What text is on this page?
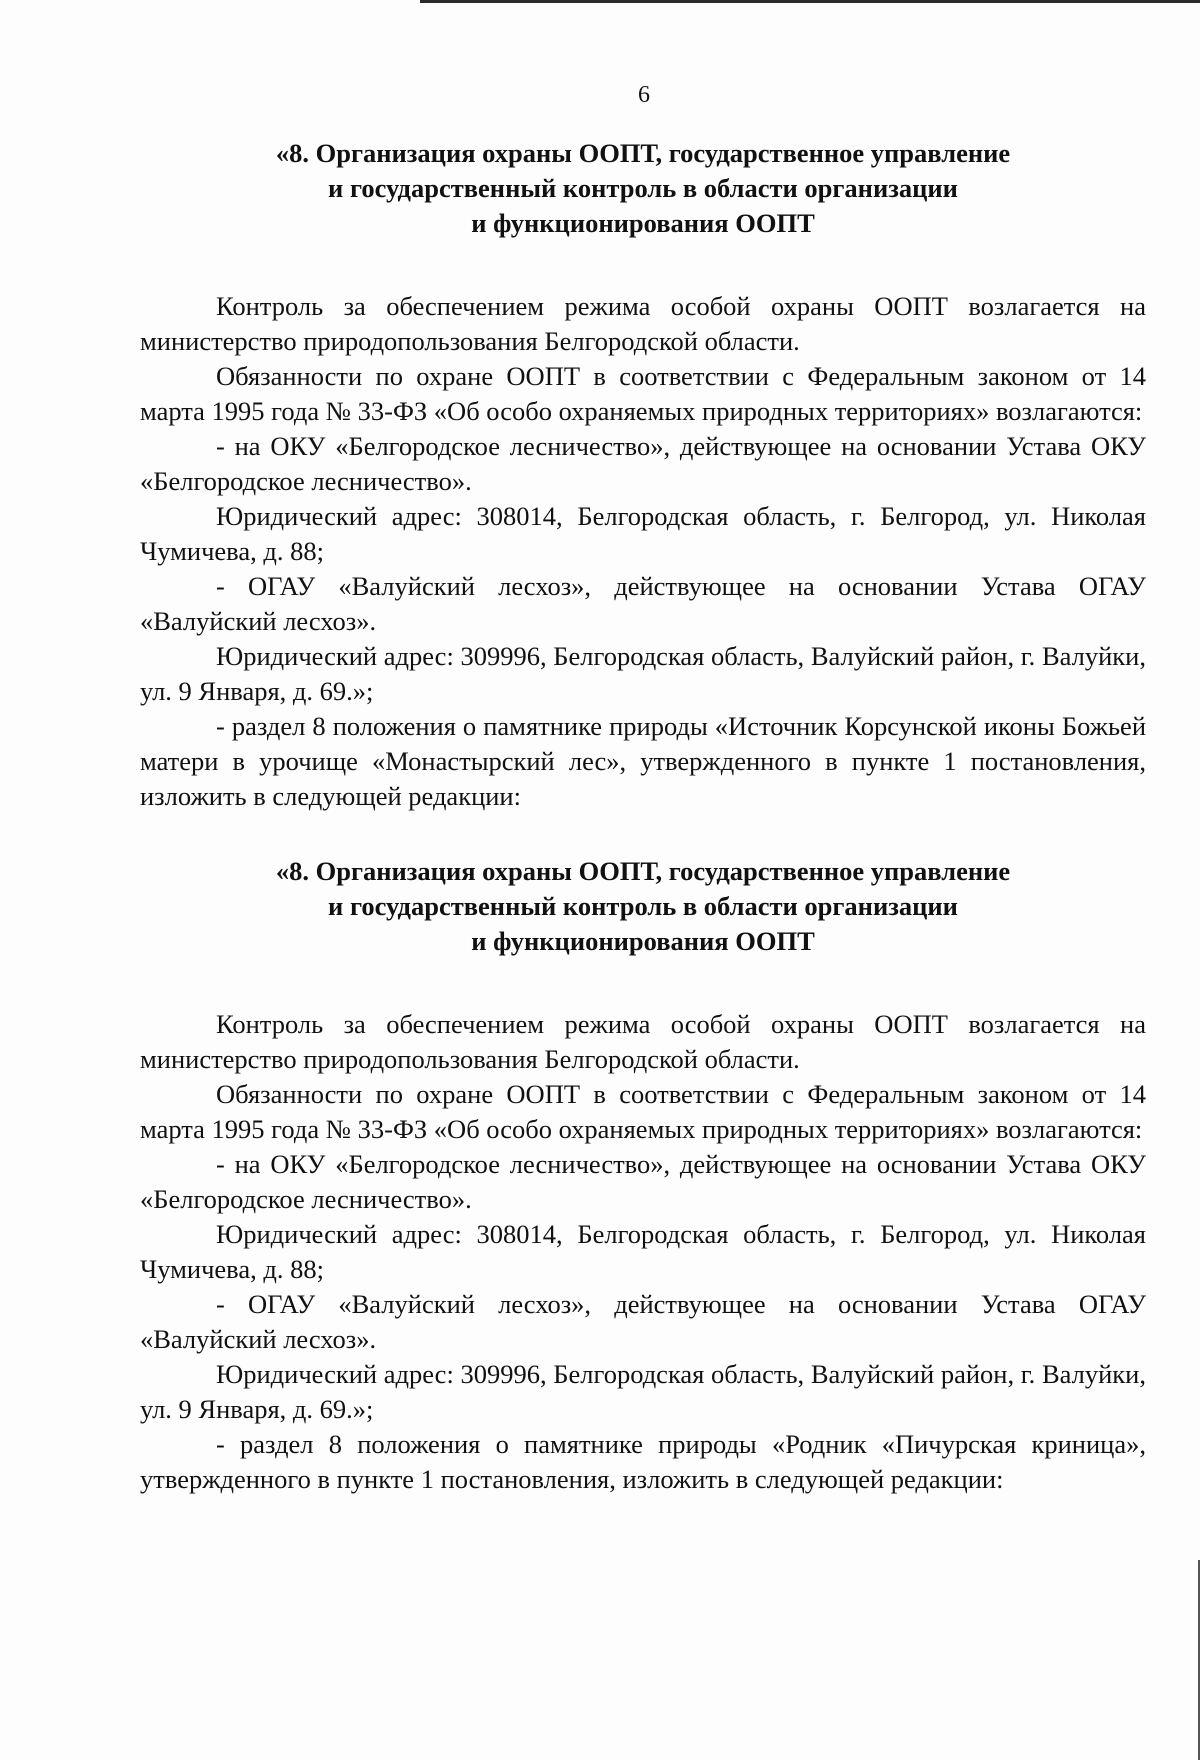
6
«8. Организация охраны ООПТ, государственное управление
и государственный контроль в области организации
и функционирования ООПТ

Контроль за обеспечением режима особой охраны ООПТ возлагается на министерство природопользования Белгородской области.

Обязанности по охране ООПТ в соответствии с Федеральным законом от 14 марта 1995 года № 33-ФЗ «Об особо охраняемых природных территориях» возлагаются:

- на ОКУ «Белгородское лесничество», действующее на основании Устава ОКУ «Белгородское лесничество».

Юридический адрес: 308014, Белгородская область, г. Белгород, ул. Николая Чумичева, д. 88;

- ОГАУ «Валуйский лесхоз», действующее на основании Устава ОГАУ «Валуйский лесхоз».

Юридический адрес: 309996, Белгородская область, Валуйский район, г. Валуйки, ул. 9 Января, д. 69.»;

- раздел 8 положения о памятнике природы «Источник Корсунской иконы Божьей матери в урочище «Монастырский лес», утвержденного в пункте 1 постановления, изложить в следующей редакции:

«8. Организация охраны ООПТ, государственное управление
и государственный контроль в области организации
и функционирования ООПТ

Контроль за обеспечением режима особой охраны ООПТ возлагается на министерство природопользования Белгородской области.

Обязанности по охране ООПТ в соответствии с Федеральным законом от 14 марта 1995 года № 33-ФЗ «Об особо охраняемых природных территориях» возлагаются:

- на ОКУ «Белгородское лесничество», действующее на основании Устава ОКУ «Белгородское лесничество».

Юридический адрес: 308014, Белгородская область, г. Белгород, ул. Николая Чумичева, д. 88;

- ОГАУ «Валуйский лесхоз», действующее на основании Устава ОГАУ «Валуйский лесхоз».

Юридический адрес: 309996, Белгородская область, Валуйский район, г. Валуйки, ул. 9 Января, д. 69.»;

- раздел 8 положения о памятнике природы «Родник «Пичурская криница», утвержденного в пункте 1 постановления, изложить в следующей редакции:
